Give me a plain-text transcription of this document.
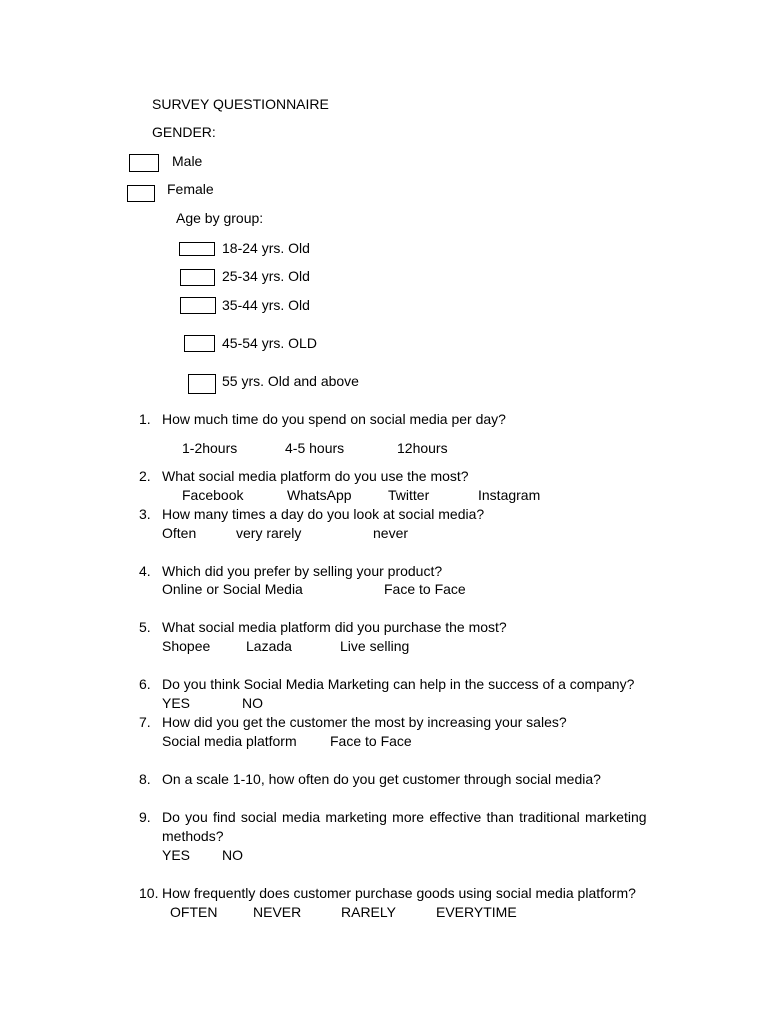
SURVEY QUESTIONNAIRE
GENDER:
Male
Female
Age by group:
18-24 yrs. Old
25-34 yrs. Old
35-44 yrs. Old
45-54 yrs. OLD
55 yrs. Old and above
1. How much time do you spend on social media per day?
1-2hours	4-5 hours	12hours
2. What social media platform do you use the most?
Facebook	WhatsApp	Twitter	Instagram
3. How many times a day do you look at social media?
Often	very rarely	never
4. Which did you prefer by selling your product?
Online or Social Media	Face to Face
5. What social media platform did you purchase the most?
Shopee	Lazada	Live selling
6. Do you think Social Media Marketing can help in the success of a company?
YES	NO
7. How did you get the customer the most by increasing your sales?
Social media platform Face to Face
8. On a scale 1-10, how often do you get customer through social media?
9. Do you find social media marketing more effective than traditional marketing
methods?
YES NO
10. How frequently does customer purchase goods using social media platform?
OFTEN	NEVER	RARELY	EVERYTIME
